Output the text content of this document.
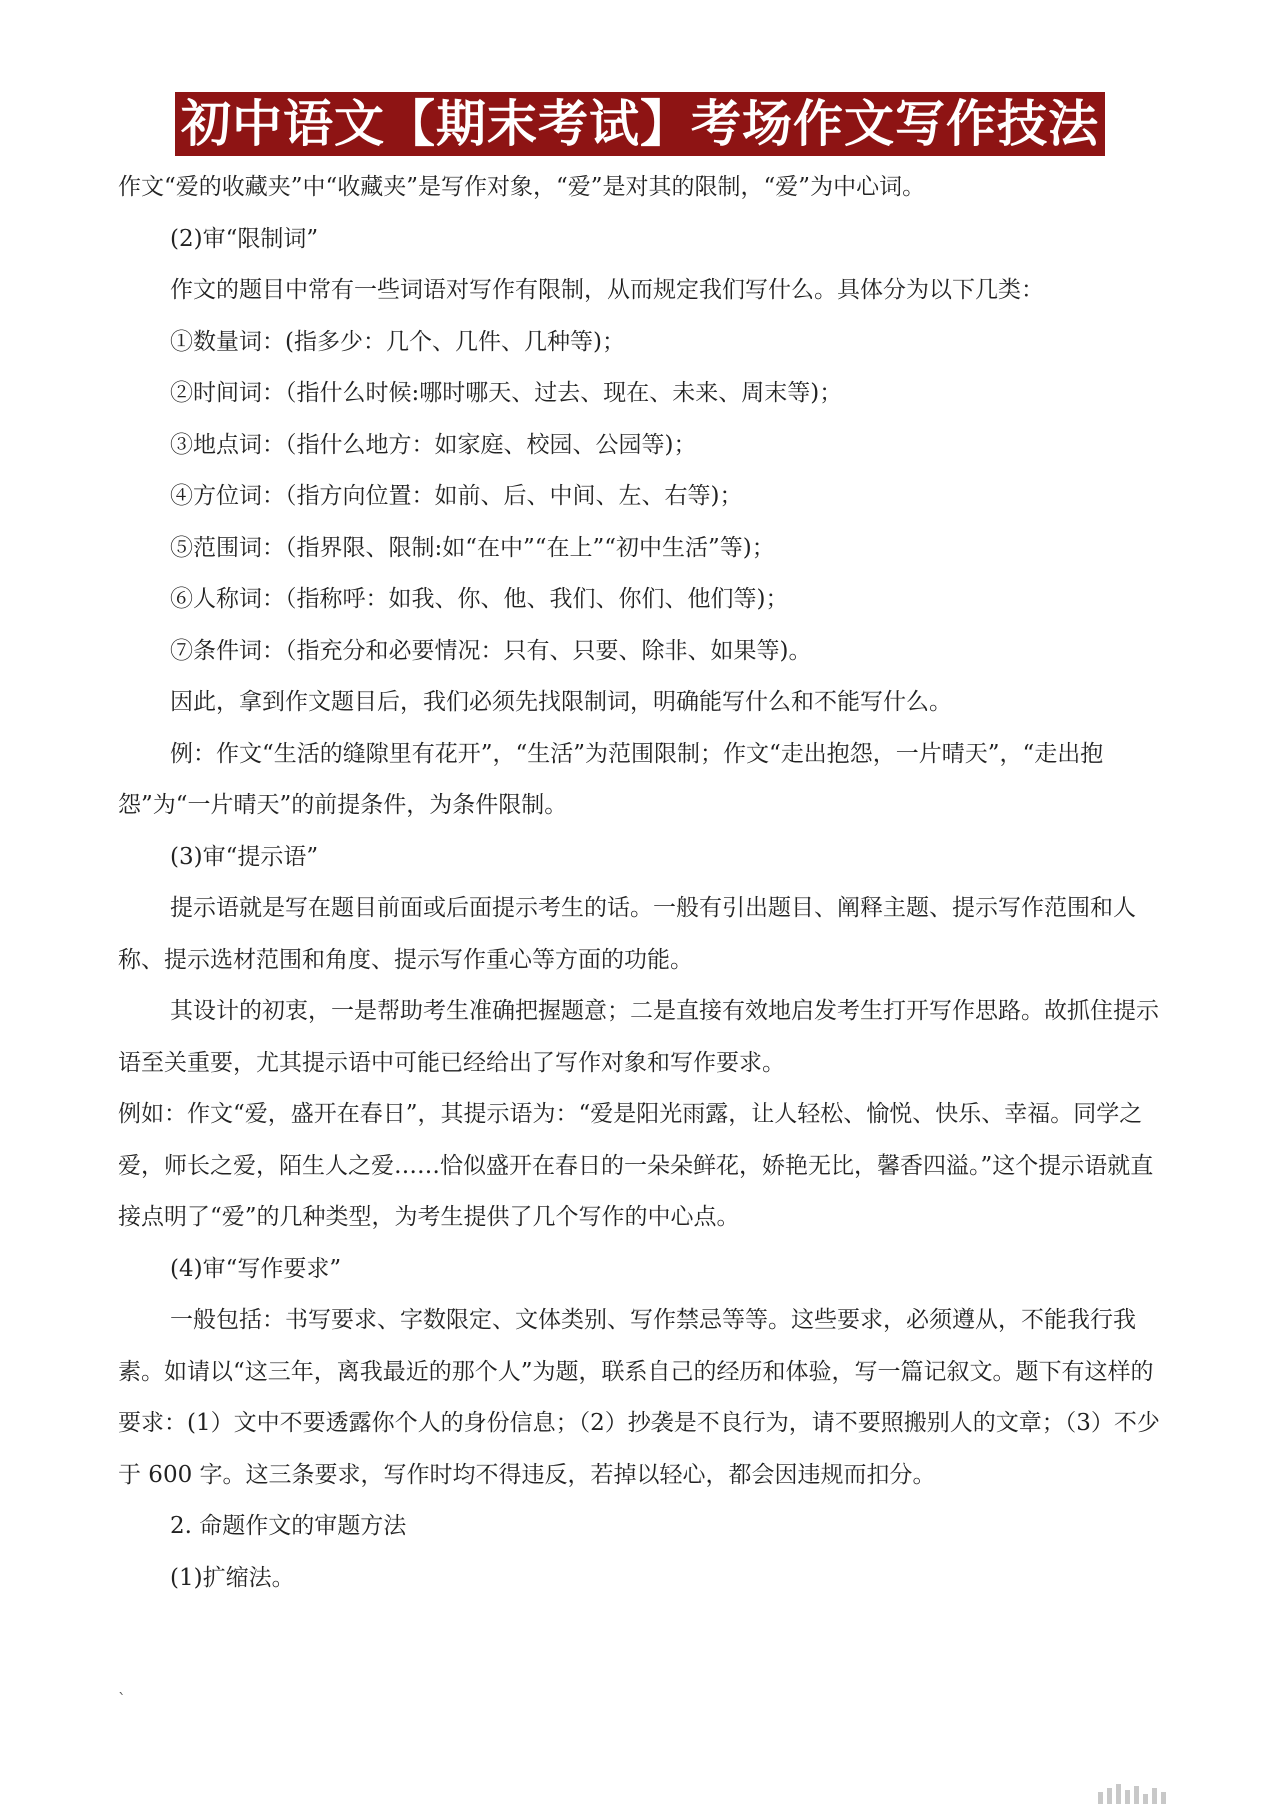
初中语文【期末考试】考场作文写作技法

作文“爱的收藏夹”中“收藏夹”是写作对象，“爱”是对其的限制，“爱”为中心词。

(2)审“限制词”

作文的题目中常有一些词语对写作有限制，从而规定我们写什么。具体分为以下几类：

①数量词：(指多少：几个、几件、几种等)；

②时间词：（指什么时候:哪时哪天、过去、现在、未来、周末等)；

③地点词：（指什么地方：如家庭、校园、公园等)；

④方位词：（指方向位置：如前、后、中间、左、右等)；

⑤范围词：（指界限、限制:如“在中”“在上”“初中生活”等)；

⑥人称词：（指称呼：如我、你、他、我们、你们、他们等)；

⑦条件词：（指充分和必要情况：只有、只要、除非、如果等)。

因此，拿到作文题目后，我们必须先找限制词，明确能写什么和不能写什么。

例：作文“生活的缝隙里有花开”，“生活”为范围限制；作文“走出抱怨，一片晴天”，“走出抱怨”为“一片晴天”的前提条件，为条件限制。

(3)审“提示语”

提示语就是写在题目前面或后面提示考生的话。一般有引出题目、阐释主题、提示写作范围和人称、提示选材范围和角度、提示写作重心等方面的功能。

其设计的初衷，一是帮助考生准确把握题意；二是直接有效地启发考生打开写作思路。故抓住提示语至关重要，尤其提示语中可能已经给出了写作对象和写作要求。

例如：作文“爱，盛开在春日”，其提示语为：“爱是阳光雨露，让人轻松、愉悦、快乐、幸福。同学之爱，师长之爱，陌生人之爱……恰似盛开在春日的一朵朵鲜花，娇艳无比，馨香四溢。”这个提示语就直接点明了“爱”的几种类型，为考生提供了几个写作的中心点。

(4)审“写作要求”

一般包括：书写要求、字数限定、文体类别、写作禁忌等等。这些要求，必须遵从，不能我行我素。如请以“这三年，离我最近的那个人”为题，联系自己的经历和体验，写一篇记叙文。题下有这样的要求：(1）文中不要透露你个人的身份信息；（2）抄袭是不良行为，请不要照搬别人的文章；（3）不少于 600 字。这三条要求，写作时均不得违反，若掉以轻心，都会因违规而扣分。

2. 命题作文的审题方法

(1)扩缩法。

`
